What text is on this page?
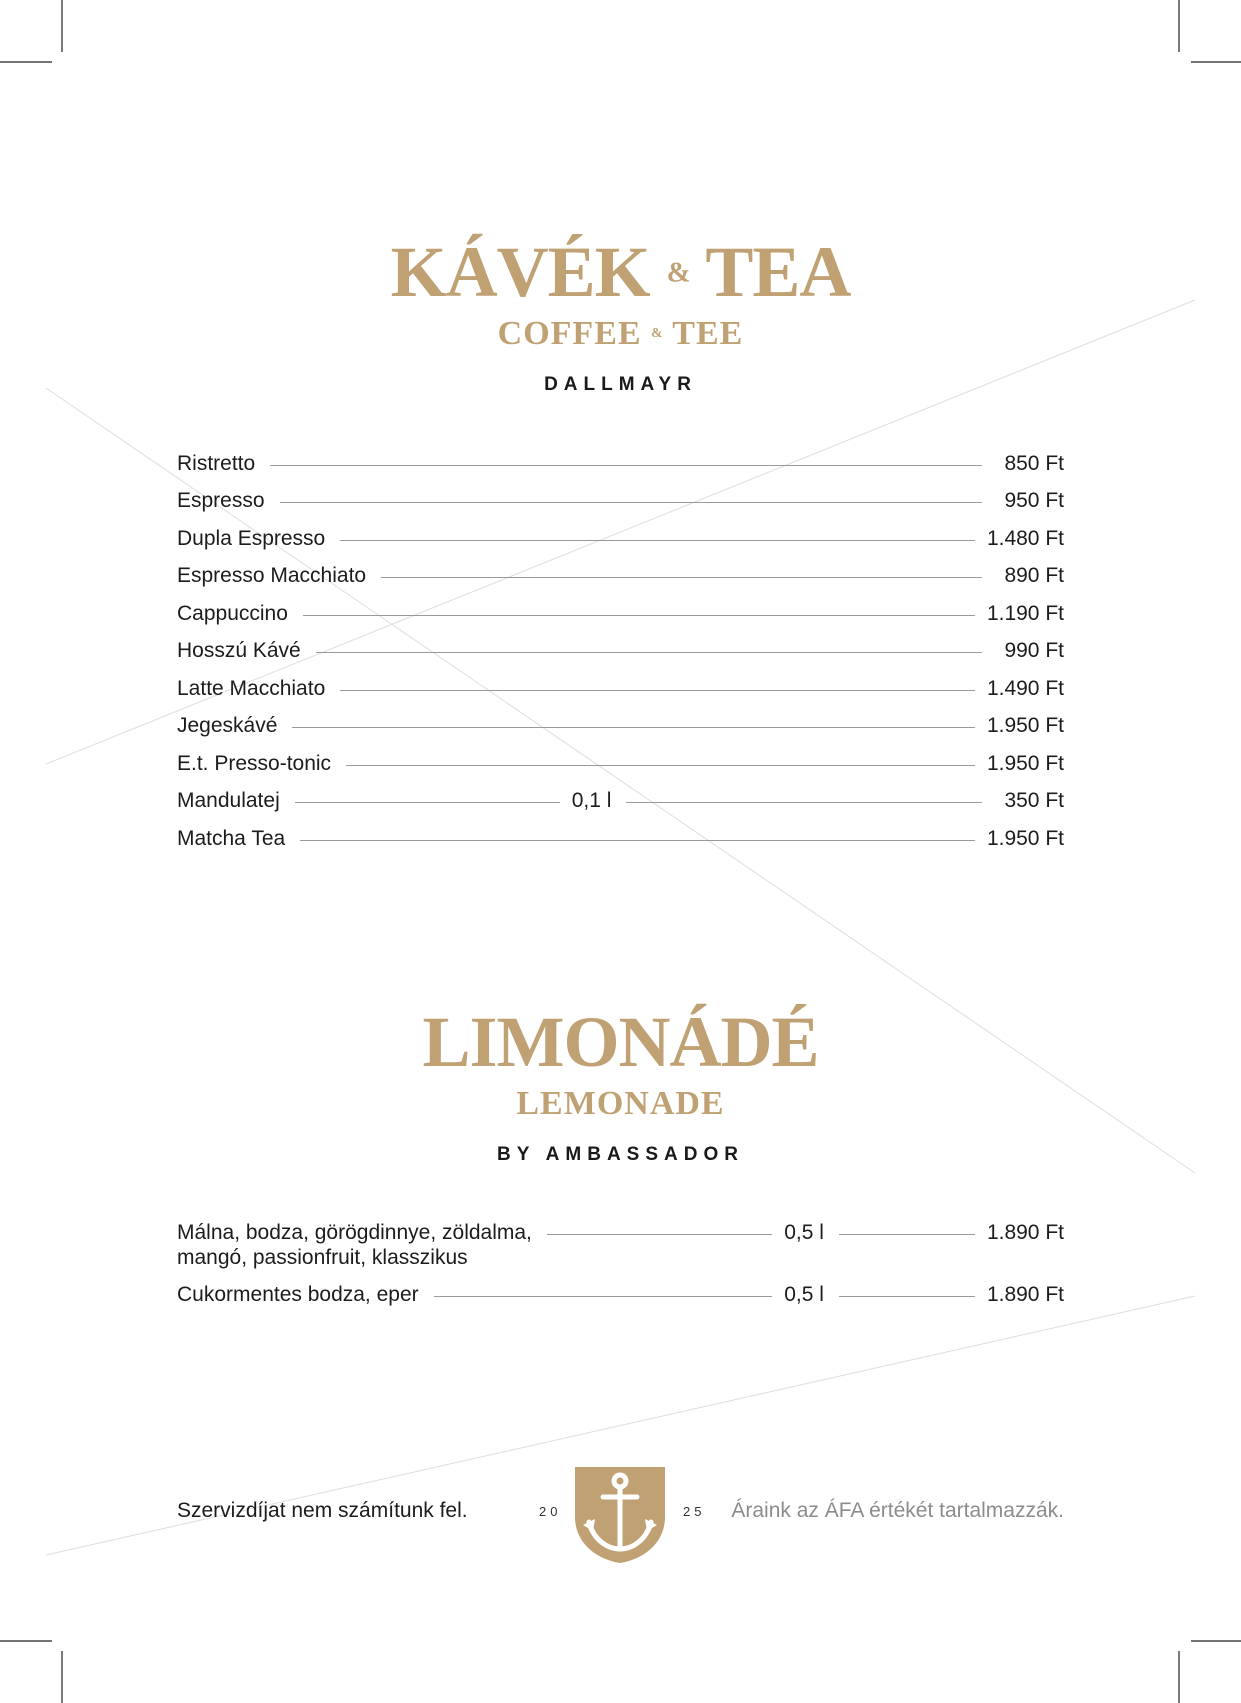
KÁVÉK & TEA
COFFEE & TEE
DALLMAYR
Ristretto	850 Ft
Espresso	950 Ft
Dupla Espresso	1.480 Ft
Espresso Macchiato	890 Ft
Cappuccino	1.190 Ft
Hosszú Kávé	990 Ft
Latte Macchiato	1.490 Ft
Jegeskávé	1.950 Ft
E.t. Presso-tonic	1.950 Ft
Mandulatej	0,1 l	350 Ft
Matcha Tea	1.950 Ft
LIMONÁDÉ
LEMONADE
BY AMBASSADOR
Málna, bodza, görögdinnye, zöldalma,	0,5 l	1.890 Ft
mangó, passionfruit, klasszikus
Cukormentes bodza, eper	0,5 l	1.890 Ft
Szervizdíjat nem számítunk fel.	20	25 Áraink az ÁFA értékét tartalmazzák.
